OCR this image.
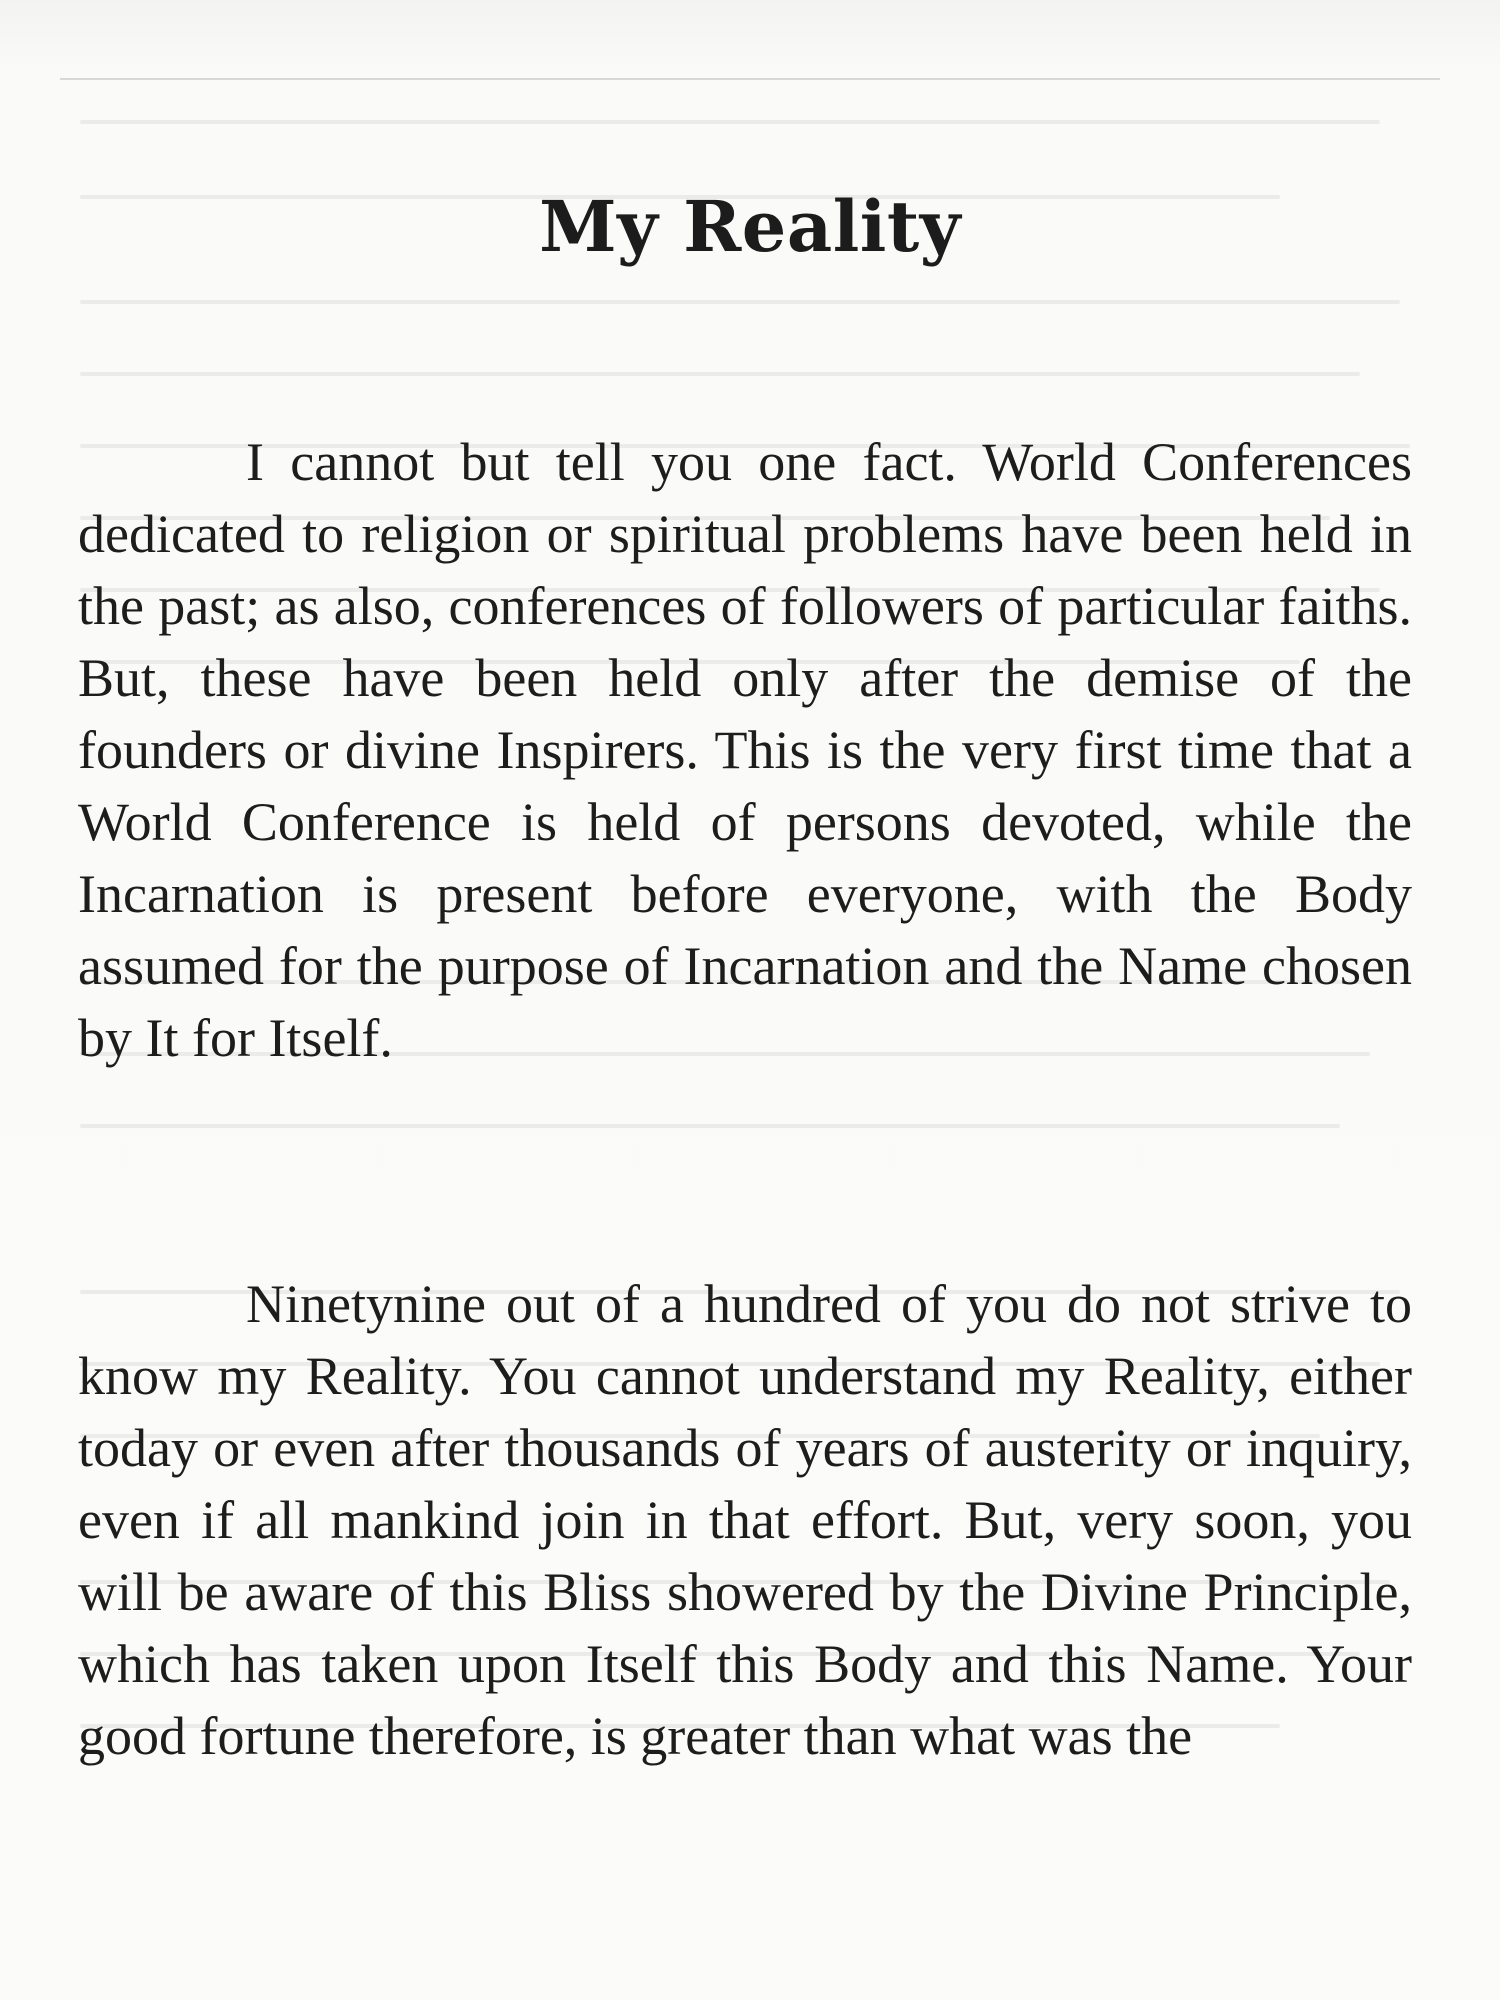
My Reality

I cannot but tell you one fact. World Conferences dedicated to religion or spiritual problems have been held in the past; as also, conferences of followers of particular faiths. But, these have been held only after the demise of the founders or divine Inspirers. This is the very first time that a World Conference is held of persons devoted, while the Incarnation is present before everyone, with the Body assumed for the purpose of Incarnation and the Name chosen by It for Itself.

Ninetynine out of a hundred of you do not strive to know my Reality. You cannot understand my Reality, either today or even after thousands of years of austerity or inquiry, even if all mankind join in that effort. But, very soon, you will be aware of this Bliss showered by the Divine Principle, which has taken upon Itself this Body and this Name. Your good fortune therefore, is greater than what was the
